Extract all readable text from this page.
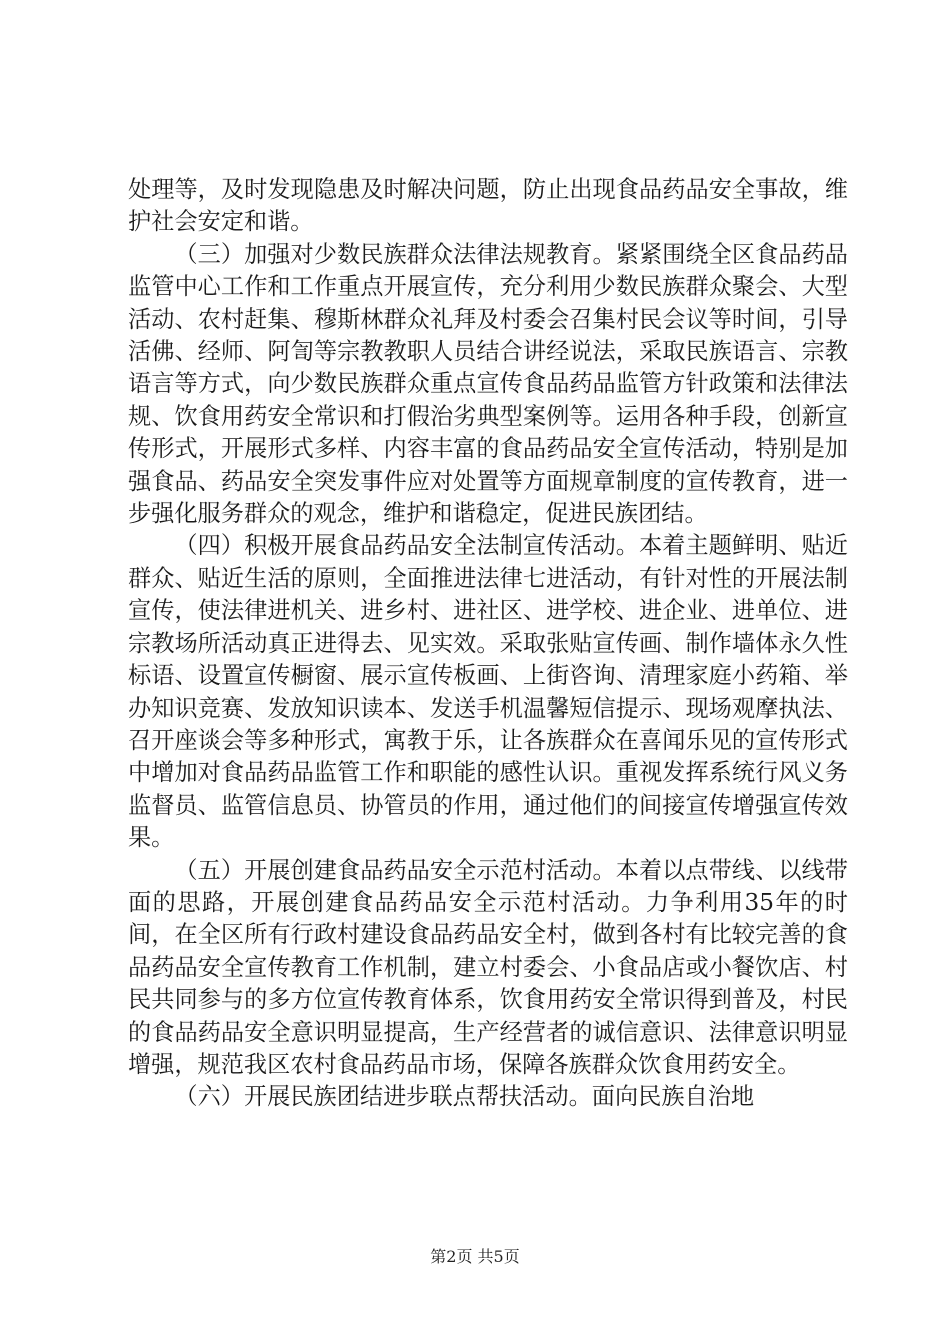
处理等，及时发现隐患及时解决问题，防止出现食品药品安全事故，维护社会安定和谐。

（三）加强对少数民族群众法律法规教育。紧紧围绕全区食品药品监管中心工作和工作重点开展宣传，充分利用少数民族群众聚会、大型活动、农村赶集、穆斯林群众礼拜及村委会召集村民会议等时间，引导活佛、经师、阿訇等宗教教职人员结合讲经说法，采取民族语言、宗教语言等方式，向少数民族群众重点宣传食品药品监管方针政策和法律法规、饮食用药安全常识和打假治劣典型案例等。运用各种手段，创新宣传形式，开展形式多样、内容丰富的食品药品安全宣传活动，特别是加强食品、药品安全突发事件应对处置等方面规章制度的宣传教育，进一步强化服务群众的观念，维护和谐稳定，促进民族团结。

（四）积极开展食品药品安全法制宣传活动。本着主题鲜明、贴近群众、贴近生活的原则，全面推进法律七进活动，有针对性的开展法制宣传，使法律进机关、进乡村、进社区、进学校、进企业、进单位、进宗教场所活动真正进得去、见实效。采取张贴宣传画、制作墙体永久性标语、设置宣传橱窗、展示宣传板画、上街咨询、清理家庭小药箱、举办知识竞赛、发放知识读本、发送手机温馨短信提示、现场观摩执法、召开座谈会等多种形式，寓教于乐，让各族群众在喜闻乐见的宣传形式中增加对食品药品监管工作和职能的感性认识。重视发挥系统行风义务监督员、监管信息员、协管员的作用，通过他们的间接宣传增强宣传效果。

（五）开展创建食品药品安全示范村活动。本着以点带线、以线带面的思路，开展创建食品药品安全示范村活动。力争利用35年的时间，在全区所有行政村建设食品药品安全村，做到各村有比较完善的食品药品安全宣传教育工作机制，建立村委会、小食品店或小餐饮店、村民共同参与的多方位宣传教育体系，饮食用药安全常识得到普及，村民的食品药品安全意识明显提高，生产经营者的诚信意识、法律意识明显增强，规范我区农村食品药品市场，保障各族群众饮食用药安全。

（六）开展民族团结进步联点帮扶活动。面向民族自治地

第2页 共5页
